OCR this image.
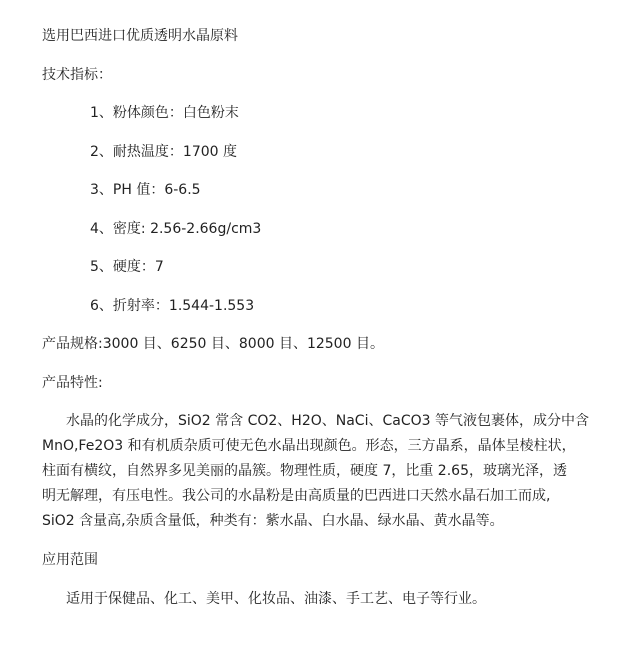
选用巴西进口优质透明水晶原料
技术指标：
1、粉体颜色：白色粉末
2、耐热温度：1700 度
3、PH 值：6-6.5
4、密度: 2.56-2.66g/cm3
5、硬度：7
6、折射率：1.544-1.553
产品规格:3000 目、6250 目、8000 目、12500 目。
产品特性:
水晶的化学成分，SiO2 常含 CO2、H2O、NaCi、CaCO3 等气液包裹体，成分中含
MnO,Fe2O3 和有机质杂质可使无色水晶出现颜色。形态，三方晶系，晶体呈棱柱状，
柱面有横纹，自然界多见美丽的晶簇。物理性质，硬度 7，比重 2.65，玻璃光泽，透
明无解理，有压电性。我公司的水晶粉是由高质量的巴西进口天然水晶石加工而成,
SiO2 含量高,杂质含量低，种类有：紫水晶、白水晶、绿水晶、黄水晶等。
应用范围
适用于保健品、化工、美甲、化妆品、油漆、手工艺、电子等行业。
